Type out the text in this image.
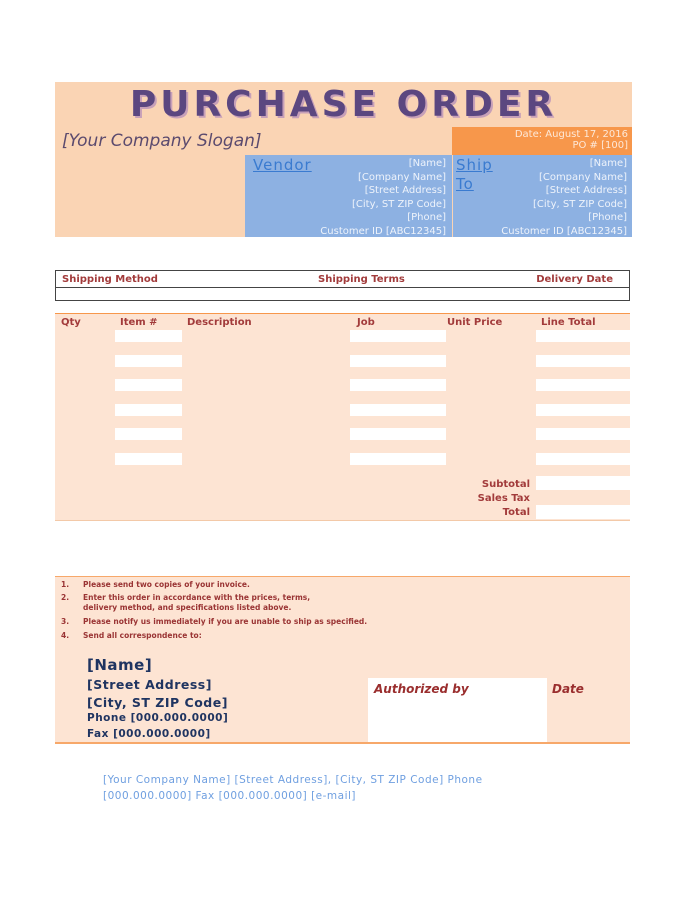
PURCHASE ORDER
[Your Company Slogan]	Date: August 17, 2016
PO # [100]
Vendor	[Name]
[Company Name]
[Street Address]
[City, ST ZIP Code]
[Phone]
Customer ID [ABC12345]
Ship
To
[Name]
[Company Name]
[Street Address]
[City, ST ZIP Code]
[Phone]
Customer ID [ABC12345]
Shipping Method	Shipping Terms	Delivery Date
Qty	Item #	Description	Job	Unit Price	Line Total
Subtotal
Sales Tax
Total
1. Please send two copies of your invoice.
2.	Enter this order in accordance with the prices, terms, delivery method, and specifications listed above.
3. Please notify us immediately if you are unable to ship as specified.
4. Send all correspondence to:
[Name]
[Street Address]
[City, ST ZIP Code]
Phone [000.000.0000]
Fax [000.000.0000]
Authorized by	Date
[Your Company Name] [Street Address], [City, ST ZIP Code] Phone [000.000.0000] Fax [000.000.0000] [e-mail]
